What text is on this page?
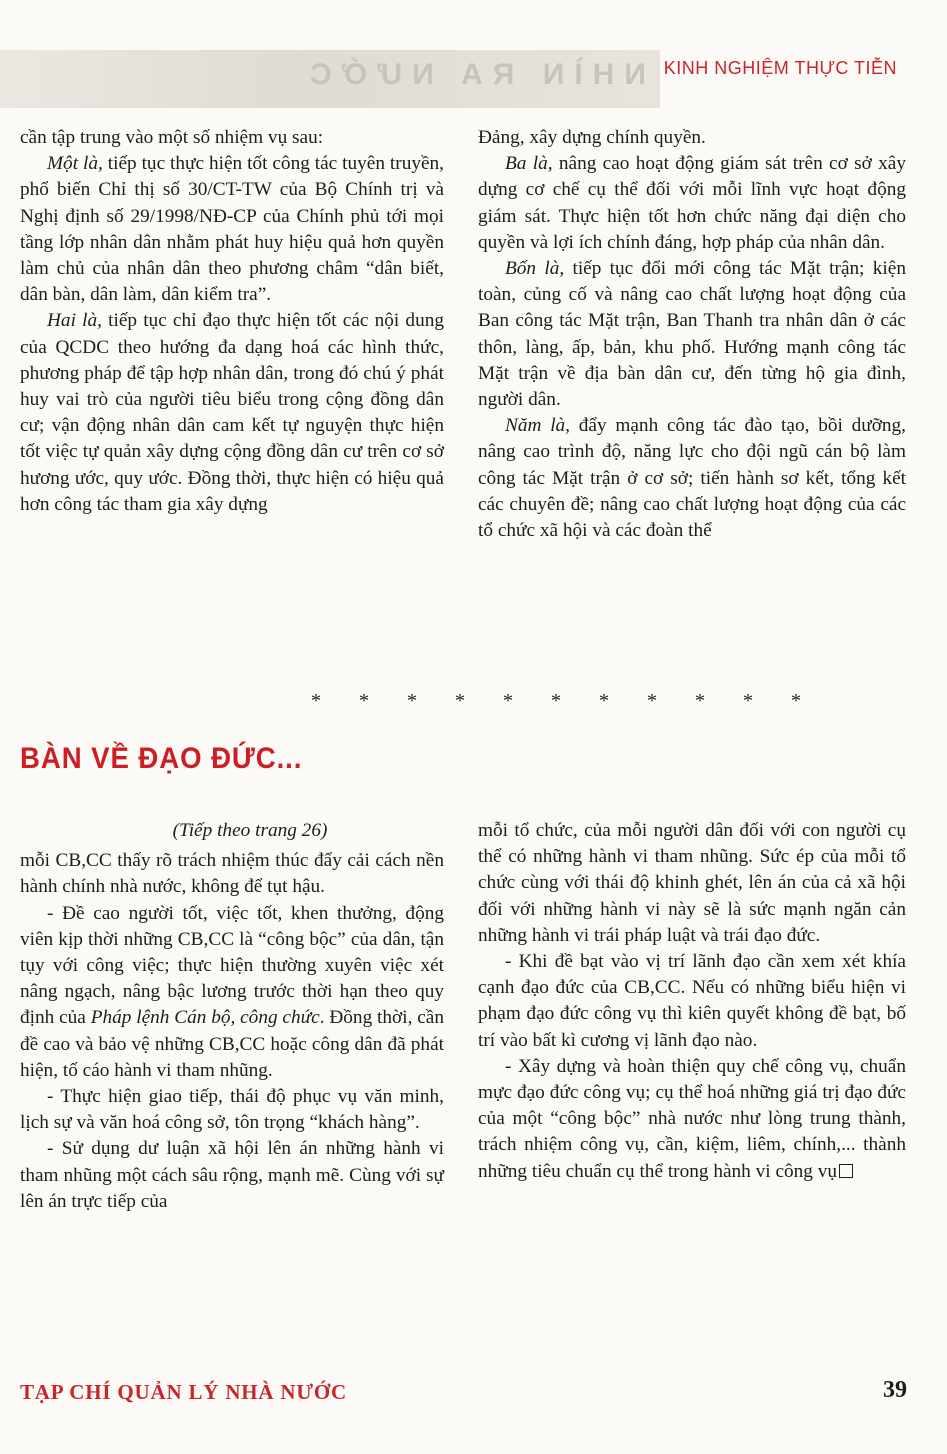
NHÌN RA NƯỚC KINH NGHIỆM THỰC TIỄN

cần tập trung vào một số nhiệm vụ sau:

Một là, tiếp tục thực hiện tốt công tác tuyên truyền, phổ biến Chỉ thị số 30/CT-TW của Bộ Chính trị và Nghị định số 29/1998/NĐ-CP của Chính phủ tới mọi tầng lớp nhân dân nhằm phát huy hiệu quả hơn quyền làm chủ của nhân dân theo phương châm “dân biết, dân bàn, dân làm, dân kiểm tra”.

Hai là, tiếp tục chỉ đạo thực hiện tốt các nội dung của QCDC theo hướng đa dạng hoá các hình thức, phương pháp để tập hợp nhân dân, trong đó chú ý phát huy vai trò của người tiêu biểu trong cộng đồng dân cư; vận động nhân dân cam kết tự nguyện thực hiện tốt việc tự quản xây dựng cộng đồng dân cư trên cơ sở hương ước, quy ước. Đồng thời, thực hiện có hiệu quả hơn công tác tham gia xây dựng

Đảng, xây dựng chính quyền.

Ba là, nâng cao hoạt động giám sát trên cơ sở xây dựng cơ chế cụ thể đối với mỗi lĩnh vực hoạt động giám sát. Thực hiện tốt hơn chức năng đại diện cho quyền và lợi ích chính đáng, hợp pháp của nhân dân.

Bốn là, tiếp tục đổi mới công tác Mặt trận; kiện toàn, củng cố và nâng cao chất lượng hoạt động của Ban công tác Mặt trận, Ban Thanh tra nhân dân ở các thôn, làng, ấp, bản, khu phố. Hướng mạnh công tác Mặt trận về địa bàn dân cư, đến từng hộ gia đình, người dân.

Năm là, đẩy mạnh công tác đào tạo, bồi dưỡng, nâng cao trình độ, năng lực cho đội ngũ cán bộ làm công tác Mặt trận ở cơ sở; tiến hành sơ kết, tổng kết các chuyên đề; nâng cao chất lượng hoạt động của các tổ chức xã hội và các đoàn thể

* * * * * * * * * * *
BÀN VỀ ĐẠO ĐỨC...

(Tiếp theo trang 26)

mỗi CB,CC thấy rõ trách nhiệm thúc đẩy cải cách nền hành chính nhà nước, không để tụt hậu.

- Đề cao người tốt, việc tốt, khen thưởng, động viên kịp thời những CB,CC là “công bộc” của dân, tận tụy với công việc; thực hiện thường xuyên việc xét nâng ngạch, nâng bậc lương trước thời hạn theo quy định của Pháp lệnh Cán bộ, công chức. Đồng thời, cần đề cao và bảo vệ những CB,CC hoặc công dân đã phát hiện, tố cáo hành vi tham nhũng.

- Thực hiện giao tiếp, thái độ phục vụ văn minh, lịch sự và văn hoá công sở, tôn trọng “khách hàng”.

- Sử dụng dư luận xã hội lên án những hành vi tham nhũng một cách sâu rộng, mạnh mẽ. Cùng với sự lên án trực tiếp của

mỗi tổ chức, của mỗi người dân đối với con người cụ thể có những hành vi tham nhũng. Sức ép của mỗi tổ chức cùng với thái độ khinh ghét, lên án của cả xã hội đối với những hành vi này sẽ là sức mạnh ngăn cản những hành vi trái pháp luật và trái đạo đức.

- Khi đề bạt vào vị trí lãnh đạo cần xem xét khía cạnh đạo đức của CB,CC. Nếu có những biểu hiện vi phạm đạo đức công vụ thì kiên quyết không đề bạt, bố trí vào bất kì cương vị lãnh đạo nào.

- Xây dựng và hoàn thiện quy chế công vụ, chuẩn mực đạo đức công vụ; cụ thể hoá những giá trị đạo đức của một “công bộc” nhà nước như lòng trung thành, trách nhiệm công vụ, cần, kiệm, liêm, chính,... thành những tiêu chuẩn cụ thể trong hành vi công vụ

TẠP CHÍ QUẢN LÝ NHÀ NƯỚC	39
